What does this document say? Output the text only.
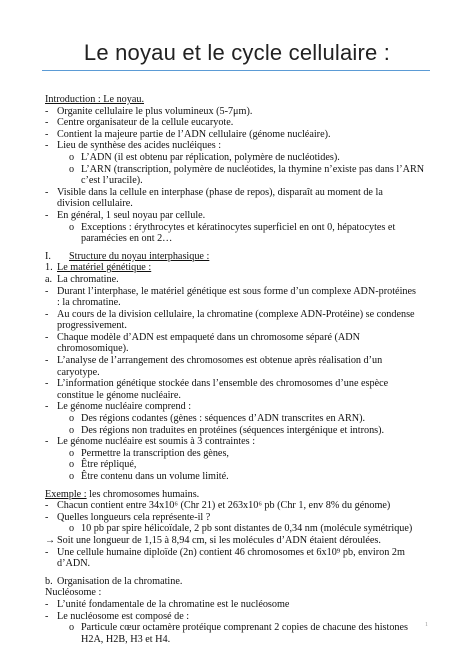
Le noyau et le cycle cellulaire :
Introduction : Le noyau.
- Organite cellulaire le plus volumineux (5-7μm).
- Centre organisateur de la cellule eucaryote.
- Contient la majeure partie de l’ADN cellulaire (génome nucléaire).
- Lieu de synthèse des acides nucléiques :
o L’ADN (il est obtenu par réplication, polymère de nucléotides).
o L’ARN (transcription, polymère de nucléotides, la thymine n’existe pas dans l’ARN
c’est l’uracile).
- Visible dans la cellule en interphase (phase de repos), disparaît au moment de la
division cellulaire.
- En général, 1 seul noyau par cellule.
o Exceptions : érythrocytes et kératinocytes superficiel en ont 0, hépatocytes et
paramécies en ont 2…
I. Structure du noyau interphasique :
1. Le matériel génétique :
a. La chromatine.
- Durant l’interphase, le matériel génétique est sous forme d’un complexe ADN-protéines
: la chromatine.
- Au cours de la division cellulaire, la chromatine (complexe ADN-Protéine) se condense
progressivement.
- Chaque modèle d’ADN est empaqueté dans un chromosome séparé (ADN
chromosomique).
- L’analyse de l’arrangement des chromosomes est obtenue après réalisation d’un
caryotype.
- L’information génétique stockée dans l’ensemble des chromosomes d’une espèce
constitue le génome nucléaire.
- Le génome nucléaire comprend :
o Des régions codantes (gènes : séquences d’ADN transcrites en ARN).
o Des régions non traduites en protéines (séquences intergénique et introns).
- Le génome nucléaire est soumis à 3 contraintes :
o Permettre la transcription des gènes,
o Être répliqué,
o Être contenu dans un volume limité.
Exemple : les chromosomes humains.
- Chacun contient entre 34x10⁶ (Chr 21) et 263x10⁶ pb (Chr 1, env 8% du génome)
- Quelles longueurs cela représente-il ?
o 10 pb par spire hélicoïdale, 2 pb sont distantes de 0,34 nm (molécule symétrique)
→ Soit une longueur de 1,15 à 8,94 cm, si les molécules d’ADN étaient déroulées.
- Une cellule humaine diploïde (2n) contient 46 chromosomes et 6x10⁹ pb, environ 2m
d’ADN.
b. Organisation de la chromatine.
Nucléosome :
- L’unité fondamentale de la chromatine est le nucléosome
- Le nucléosome est composé de :
o Particule cœur octamère protéique comprenant 2 copies de chacune des histones
H2A, H2B, H3 et H4.
1
